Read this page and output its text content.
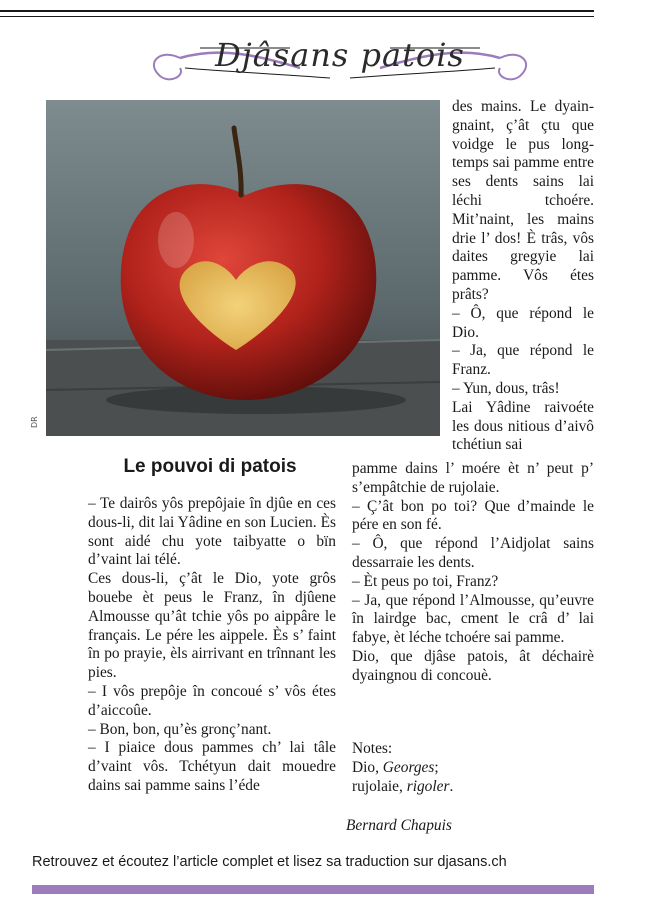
Djâsans patois
DR
Le pouvoi di patois

– Te dairôs yôs prepôjaie în djûe en ces dous-li, dit lai Yâdine en son Lucien. Ès sont aidé chu yote taibyatte o bïn d’vaint lai télé.

Ces dous-li, ç’ât le Dio, yote grôs bouebe èt peus le Franz, în djûene Almousse qu’ât tchie yôs po aippâre le français. Le pére les aippele. Ès s’ faint în po prayie, èls airrivant en trînnant les pies.

– I vôs prepôje în concoué s’ vôs étes d’aiccoûe.

– Bon, bon, qu’ès gronç’nant.

– I piaice dous pammes ch’ lai tâle d’vaint vôs. Tchétyun dait mouedre dains sai pamme sains l’éde

des mains. Le dyaingnaint, ç’ât çtu que voidge le pus longtemps sai pamme entre ses dents sains lai léchi tchoére. Mit’naint, les mains drie l’ dos! È trâs, vôs daites gregyie lai pamme. Vôs étes prâts?

– Ô, que répond le Dio.

– Ja, que répond le Franz.

– Yun, dous, trâs!

Lai Yâdine raivoéte les dous nitious d’aivô tchétiun sai

pamme dains l’ moére èt n’ peut p’ s’empâtchie de rujolaie.

– Ç’ât bon po toi? Que d’mainde le pére en son fé.

– Ô, que répond l’Aidjolat sains dessarraie les dents.

– Èt peus po toi, Franz?

– Ja, que répond l’Almousse, qu’euvre în lairdge bac, cment le crâ d’ lai fabye, èt léche tchoére sai pamme.

Dio, que djâse patois, ât déchairè dyaingnou di concouè.

Notes:
Dio, Georges;
rujolaie, rigoler.
Bernard Chapuis
Retrouvez et écoutez l’article complet et lisez sa traduction sur djasans.ch
